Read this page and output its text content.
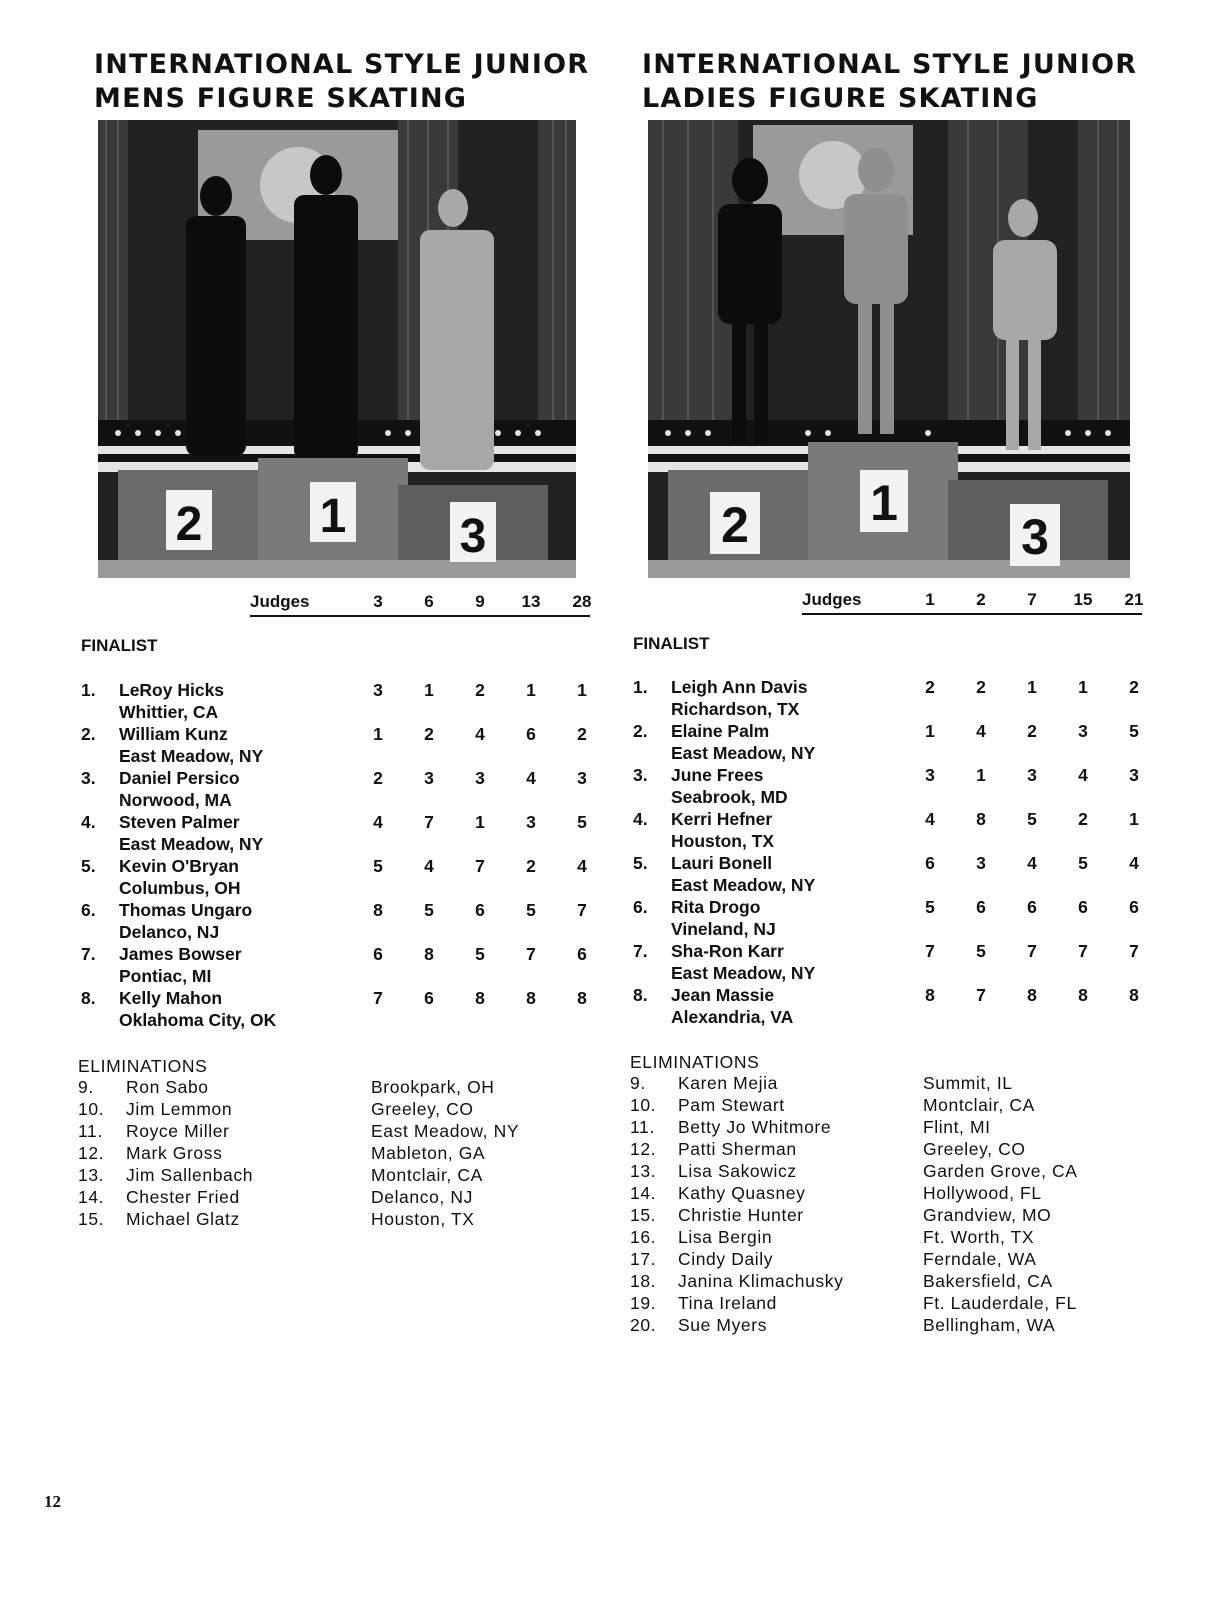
INTERNATIONAL STYLE JUNIOR
MENS FIGURE SKATING
2 1 3
Judges	3	6	9	13	28
FINALIST
1. LeRoy Hicks
Whittier, CA
3	1	2	1	1
2. William Kunz
East Meadow, NY
1	2	4	6	2
3. Daniel Persico
Norwood, MA
2	3	3	4	3
4. Steven Palmer
East Meadow, NY
4	7	1	3	5
5. Kevin O'Bryan
Columbus, OH
5	4	7	2	4
6. Thomas Ungaro
Delanco, NJ
8	5	6	5	7
7. James Bowser
Pontiac, MI
6	8	5	7	6
8. Kelly Mahon
Oklahoma City, OK
7	6	8	8	8
ELIMINATIONS
9. Ron Sabo	Brookpark, OH
10. Jim Lemmon	Greeley, CO
11. Royce Miller	East Meadow, NY
12. Mark Gross	Mableton, GA
13. Jim Sallenbach	Montclair, CA
14. Chester Fried	Delanco, NJ
15. Michael Glatz	Houston, TX
INTERNATIONAL STYLE JUNIOR
LADIES FIGURE SKATING
2 1
3
Judges	1	2	7	15	21
FINALIST
1. Leigh Ann Davis
Richardson, TX
2	2	1	1	2
2. Elaine Palm
East Meadow, NY
1	4	2	3	5
3. June Frees
Seabrook, MD
3	1	3	4	3
4. Kerri Hefner
Houston, TX
4	8	5	2	1
5. Lauri Bonell
East Meadow, NY
6	3	4	5	4
6. Rita Drogo
Vineland, NJ
5	6	6	6	6
7. Sha-Ron Karr
East Meadow, NY
7	5	7	7	7
8. Jean Massie
Alexandria, VA
8	7	8	8	8
ELIMINATIONS
9. Karen Mejia	Summit, IL
10. Pam Stewart	Montclair, CA
11. Betty Jo Whitmore	Flint, MI
12. Patti Sherman	Greeley, CO
13. Lisa Sakowicz	Garden Grove, CA
14. Kathy Quasney	Hollywood, FL
15. Christie Hunter	Grandview, MO
16. Lisa Bergin	Ft. Worth, TX
17. Cindy Daily	Ferndale, WA
18. Janina Klimachusky	Bakersfield, CA
19. Tina Ireland	Ft. Lauderdale, FL
20. Sue Myers	Bellingham, WA
12
